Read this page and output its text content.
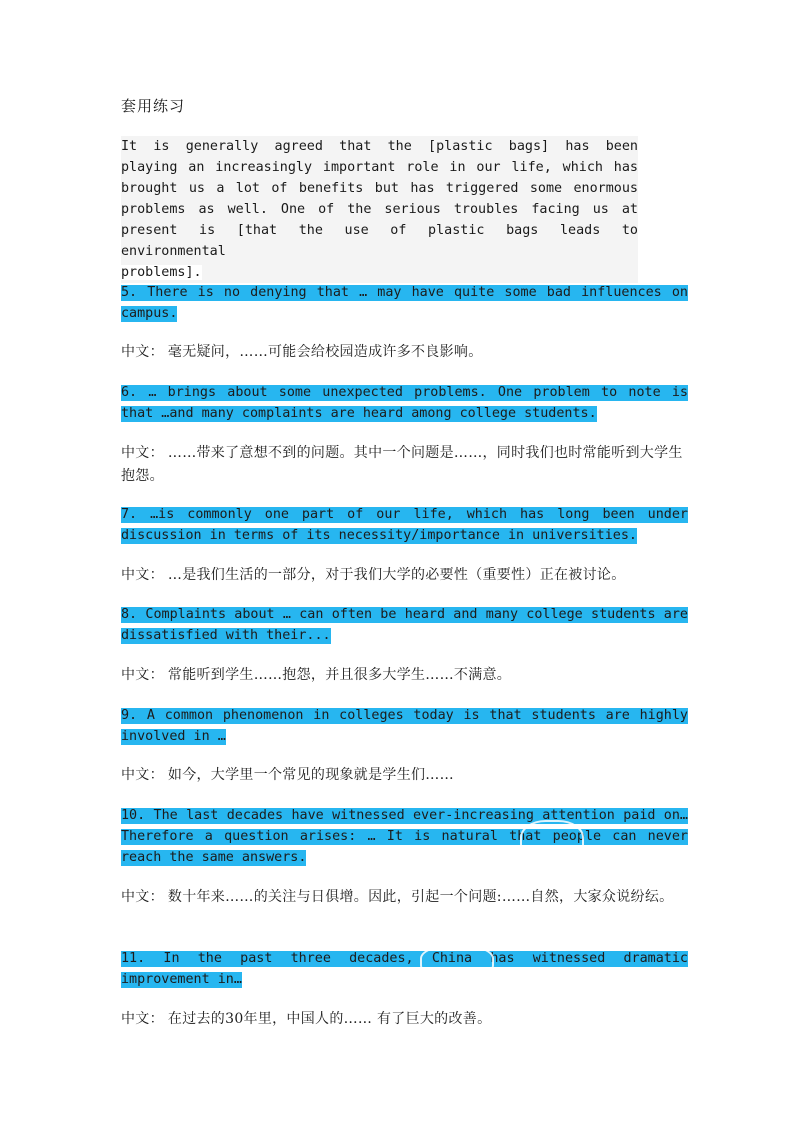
套用练习
It is generally agreed that the [plastic bags] has been playing an increasingly important role in our life, which has brought us a lot of benefits but has triggered some enormous problems as well. One of the serious troubles facing us at present is [that the use of plastic bags leads to environmental
problems].
5. There is no denying that … may have quite some bad influences on campus.
中文： 毫无疑问，……可能会给校园造成许多不良影响。
6. … brings about some unexpected problems. One problem to note is that …and many complaints are heard among college students.
中文： ……带来了意想不到的问题。其中一个问题是……，同时我们也时常能听到大学生抱怨。
7. …is commonly one part of our life, which has long been under discussion in terms of its necessity/importance in universities.
中文： …是我们生活的一部分，对于我们大学的必要性（重要性）正在被讨论。
8. Complaints about … can often be heard and many college students are dissatisfied with their...
中文： 常能听到学生……抱怨，并且很多大学生……不满意。
9. A common phenomenon in colleges today is that students are highly involved in …
中文： 如今，大学里一个常见的现象就是学生们……
10. The last decades have witnessed ever-increasing attention paid on… Therefore a question arises: … It is natural that people can never reach the same answers.
中文： 数十年来……的关注与日俱增。因此，引起一个问题:……自然，大家众说纷纭。
11. In the past three decades, China has witnessed dramatic improvement in…
中文： 在过去的30年里，中国人的…… 有了巨大的改善。
